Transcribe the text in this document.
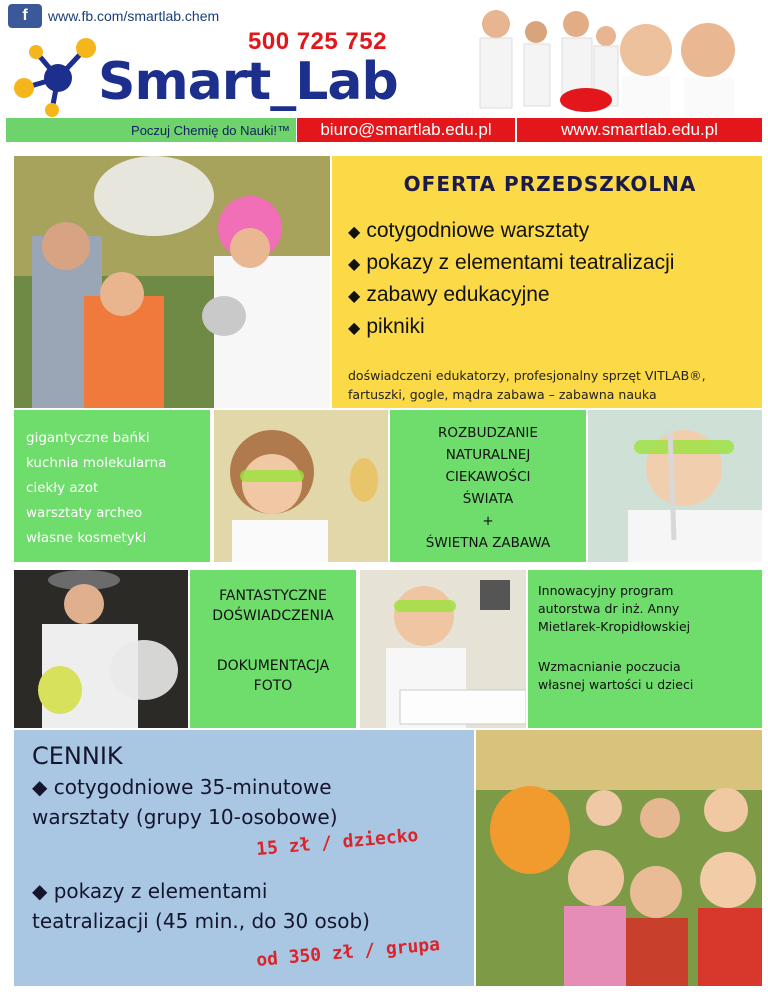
f	www.fb.com/smartlab.chem
500 725 752
Smart_Lab
Poczuj Chemię do Nauki!™ biuro@smartlab.edu.pl	www.smartlab.edu.pl
OFERTA PRZEDSZKOLNA
◆ cotygodniowe warsztaty
◆ pokazy z elementami teatralizacji
◆ zabawy edukacyjne
◆ pikniki
doświadczeni edukatorzy, profesjonalny sprzęt VITLAB®,
fartuszki, gogle, mądra zabawa – zabawna nauka
gigantyczne bańki
kuchnia molekularna
ciekły azot
warsztaty archeo
własne kosmetyki
ROZBUDZANIE
NATURALNEJ
CIEKAWOŚCI
ŚWIATA
+
ŚWIETNA ZABAWA
FANTASTYCZNE
DOŚWIADCZENIA
DOKUMENTACJA
FOTO
Innowacyjny program
autorstwa dr inż. Anny
Mietlarek-Kropidłowskiej
Wzmacnianie poczucia
własnej wartości u dzieci
CENNIK
◆ cotygodniowe 35-minutowe
warsztaty (grupy 10-osobowe)
15 zł / dziecko
◆ pokazy z elementami
teatralizacji (45 min., do 30 osob)
od 350 zł / grupa
